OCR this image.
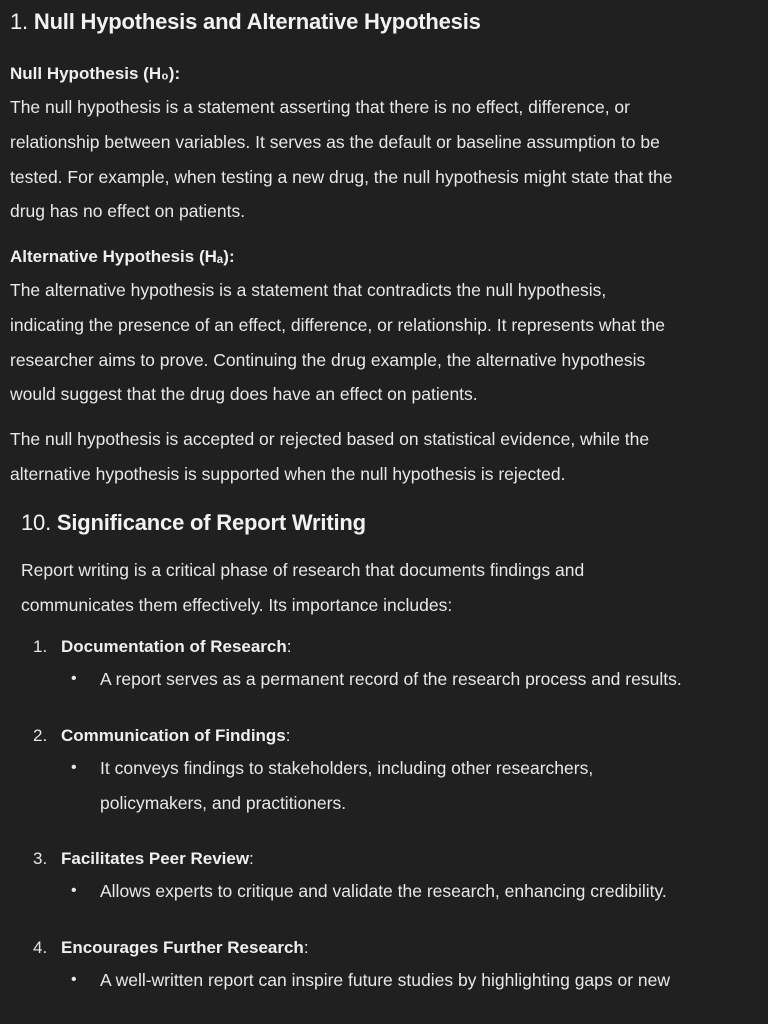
1. Null Hypothesis and Alternative Hypothesis
Null Hypothesis (H₀):

The null hypothesis is a statement asserting that there is no effect, difference, or

relationship between variables. It serves as the default or baseline assumption to be

tested. For example, when testing a new drug, the null hypothesis might state that the

drug has no effect on patients.

Alternative Hypothesis (Hₐ):

The alternative hypothesis is a statement that contradicts the null hypothesis,

indicating the presence of an effect, difference, or relationship. It represents what the

researcher aims to prove. Continuing the drug example, the alternative hypothesis

would suggest that the drug does have an effect on patients.

The null hypothesis is accepted or rejected based on statistical evidence, while the

alternative hypothesis is supported when the null hypothesis is rejected.

10. Significance of Report Writing

Report writing is a critical phase of research that documents findings and

communicates them effectively. Its importance includes:

1. Documentation of Research :
•	A report serves as a permanent record of the research process and results.
2. Communication of Findings :
•	It conveys findings to stakeholders, including other researchers,
policymakers, and practitioners.
3. Facilitates Peer Review :
•	Allows experts to critique and validate the research, enhancing credibility.
4. Encourages Further Research :
•	A well-written report can inspire future studies by highlighting gaps or new
